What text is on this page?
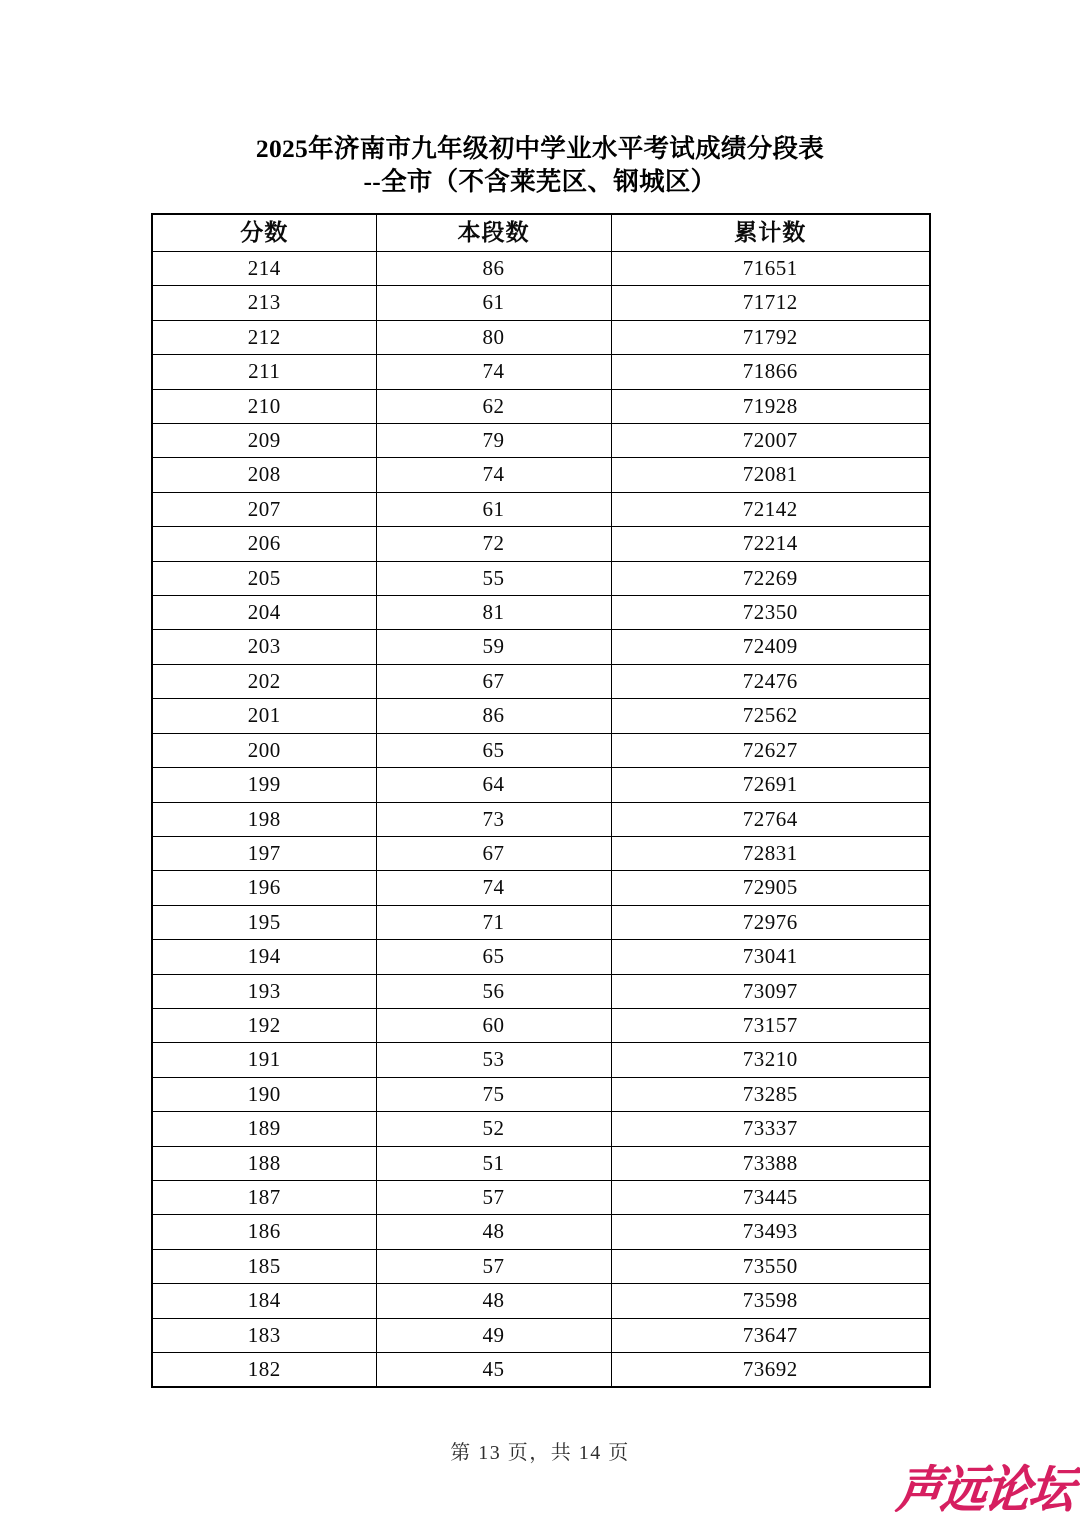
2025年济南市九年级初中学业水平考试成绩分段表
--全市（不含莱芜区、钢城区）
分数	本段数	累计数
214	86	71651
213	61	71712
212	80	71792
211	74	71866
210	62	71928
209	79	72007
208	74	72081
207	61	72142
206	72	72214
205	55	72269
204	81	72350
203	59	72409
202	67	72476
201	86	72562
200	65	72627
199	64	72691
198	73	72764
197	67	72831
196	74	72905
195	71	72976
194	65	73041
193	56	73097
192	60	73157
191	53	73210
190	75	73285
189	52	73337
188	51	73388
187	57	73445
186	48	73493
185	57	73550
184	48	73598
183	49	73647
182	45	73692
第 13 页，共 14 页
声远论坛
